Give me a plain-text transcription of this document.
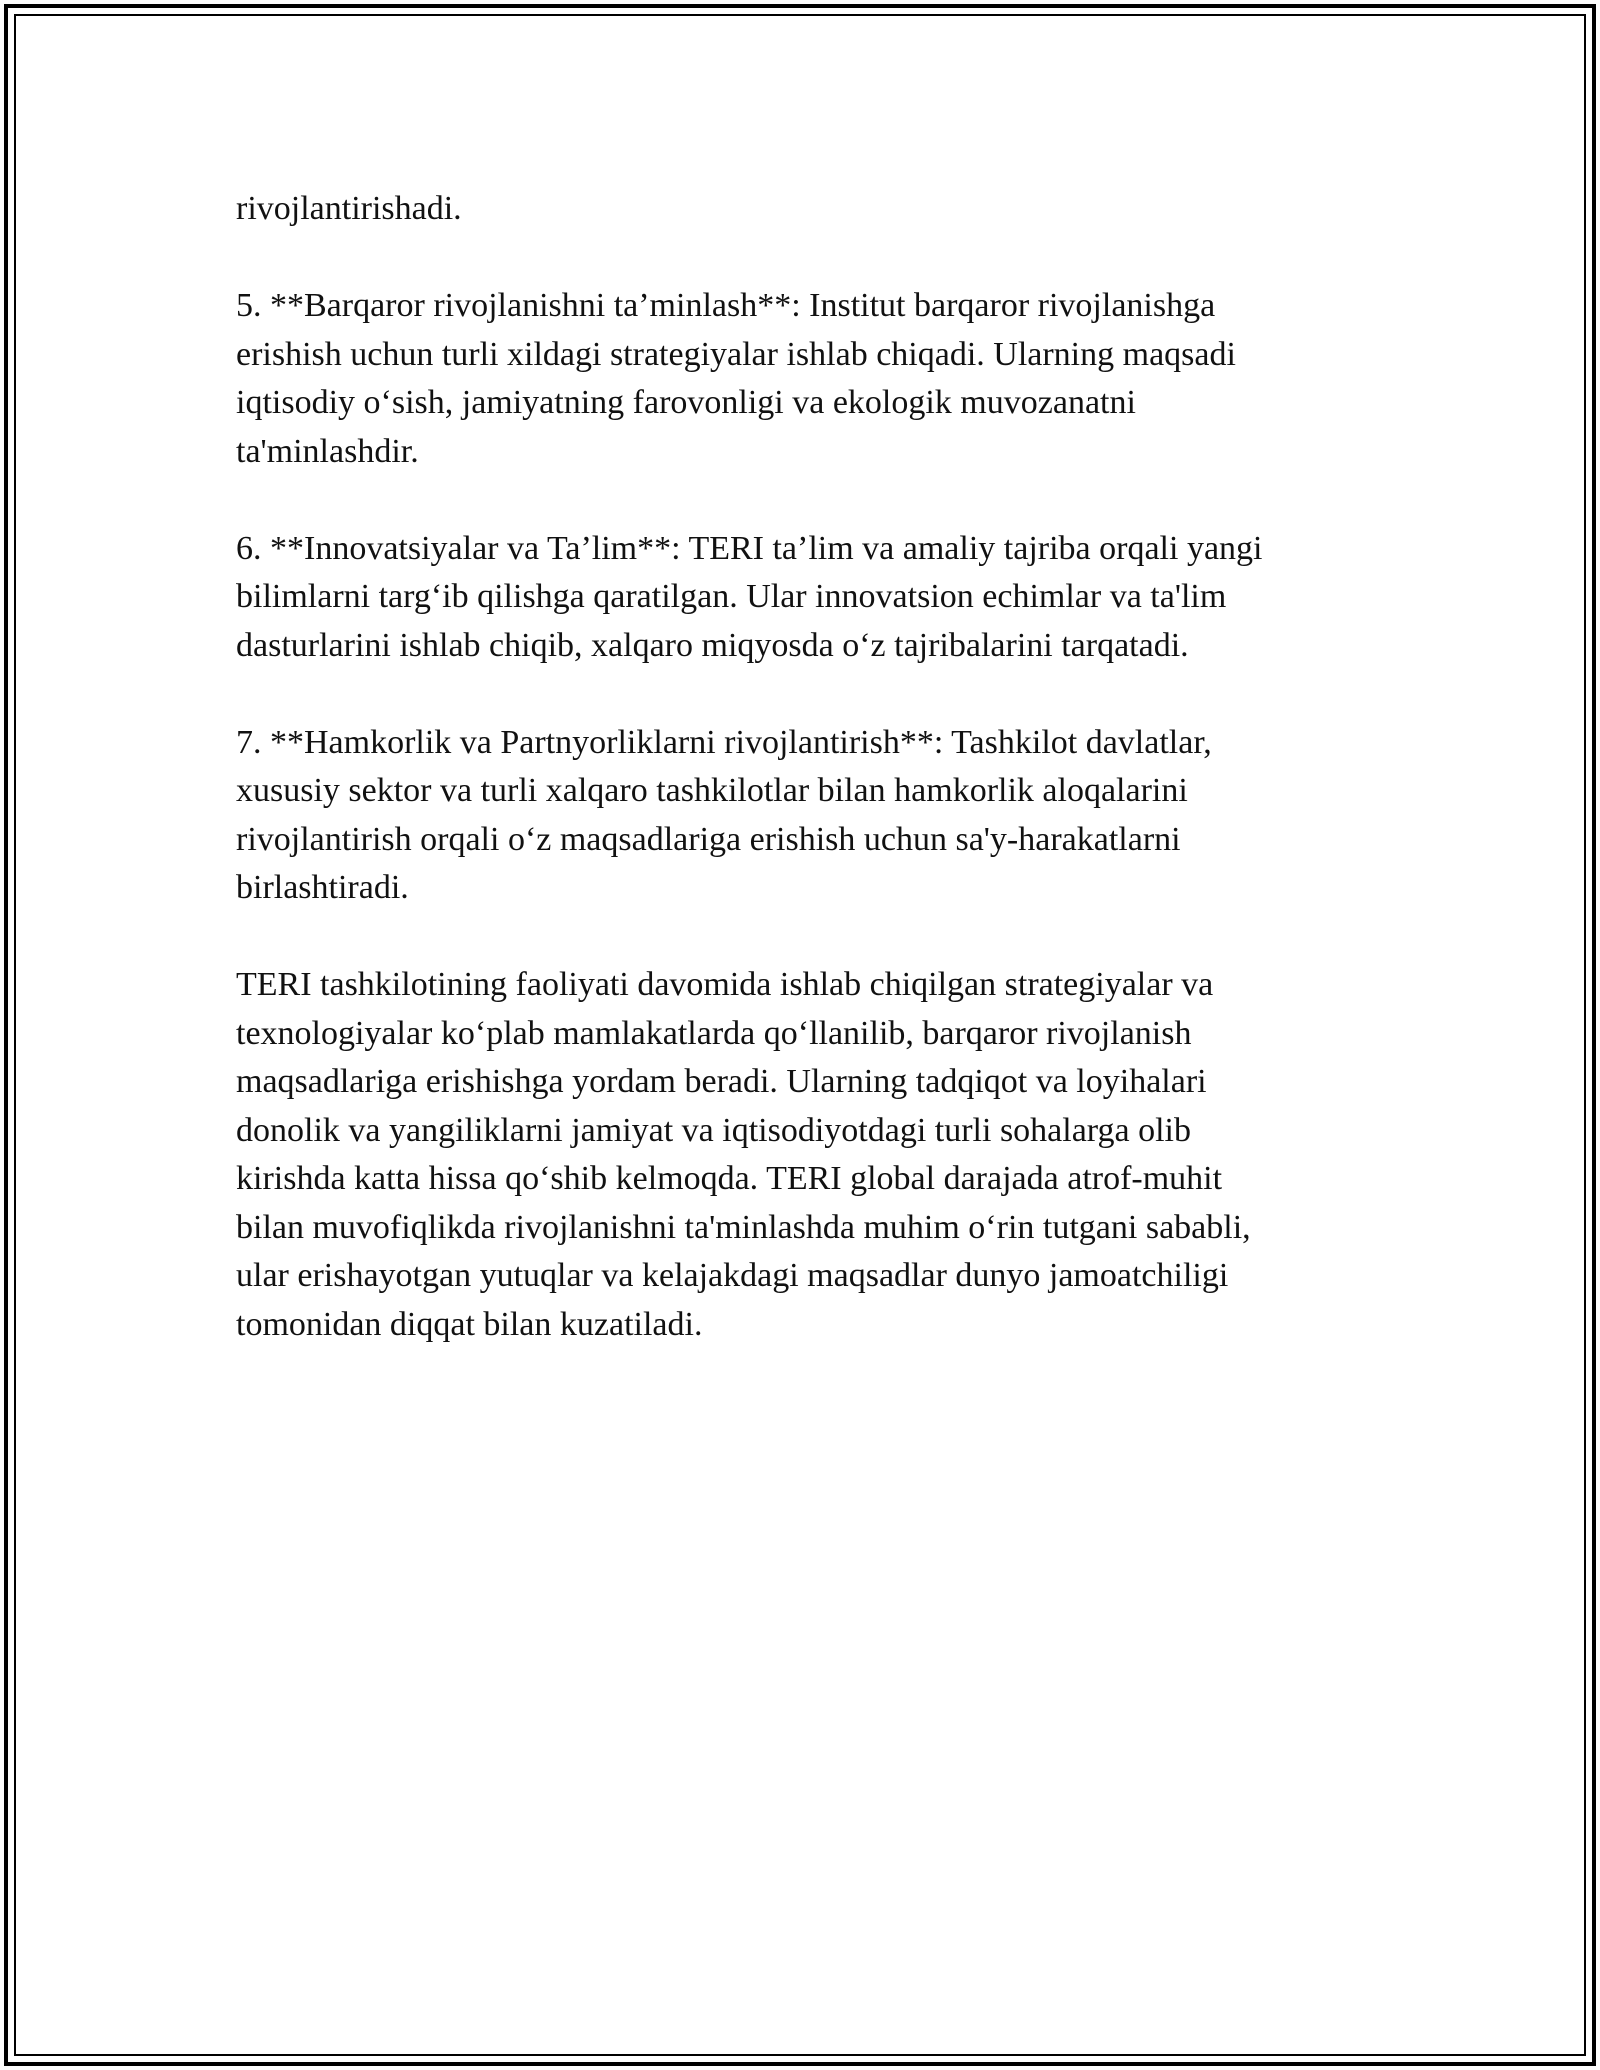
rivojlantirishadi.

5. **Barqaror rivojlanishni ta’minlash**: Institut barqaror rivojlanishga
erishish uchun turli xildagi strategiyalar ishlab chiqadi. Ularning maqsadi
iqtisodiy o‘sish, jamiyatning farovonligi va ekologik muvozanatni
ta'minlashdir.

6. **Innovatsiyalar va Ta’lim**: TERI ta’lim va amaliy tajriba orqali yangi
bilimlarni targ‘ib qilishga qaratilgan. Ular innovatsion echimlar va ta'lim
dasturlarini ishlab chiqib, xalqaro miqyosda o‘z tajribalarini tarqatadi.

7. **Hamkorlik va Partnyorliklarni rivojlantirish**: Tashkilot davlatlar,
xususiy sektor va turli xalqaro tashkilotlar bilan hamkorlik aloqalarini
rivojlantirish orqali o‘z maqsadlariga erishish uchun sa'y-harakatlarni
birlashtiradi.

TERI tashkilotining faoliyati davomida ishlab chiqilgan strategiyalar va
texnologiyalar ko‘plab mamlakatlarda qo‘llanilib, barqaror rivojlanish
maqsadlariga erishishga yordam beradi. Ularning tadqiqot va loyihalari
donolik va yangiliklarni jamiyat va iqtisodiyotdagi turli sohalarga olib
kirishda katta hissa qo‘shib kelmoqda. TERI global darajada atrof-muhit
bilan muvofiqlikda rivojlanishni ta'minlashda muhim o‘rin tutgani sababli,
ular erishayotgan yutuqlar va kelajakdagi maqsadlar dunyo jamoatchiligi
tomonidan diqqat bilan kuzatiladi.
